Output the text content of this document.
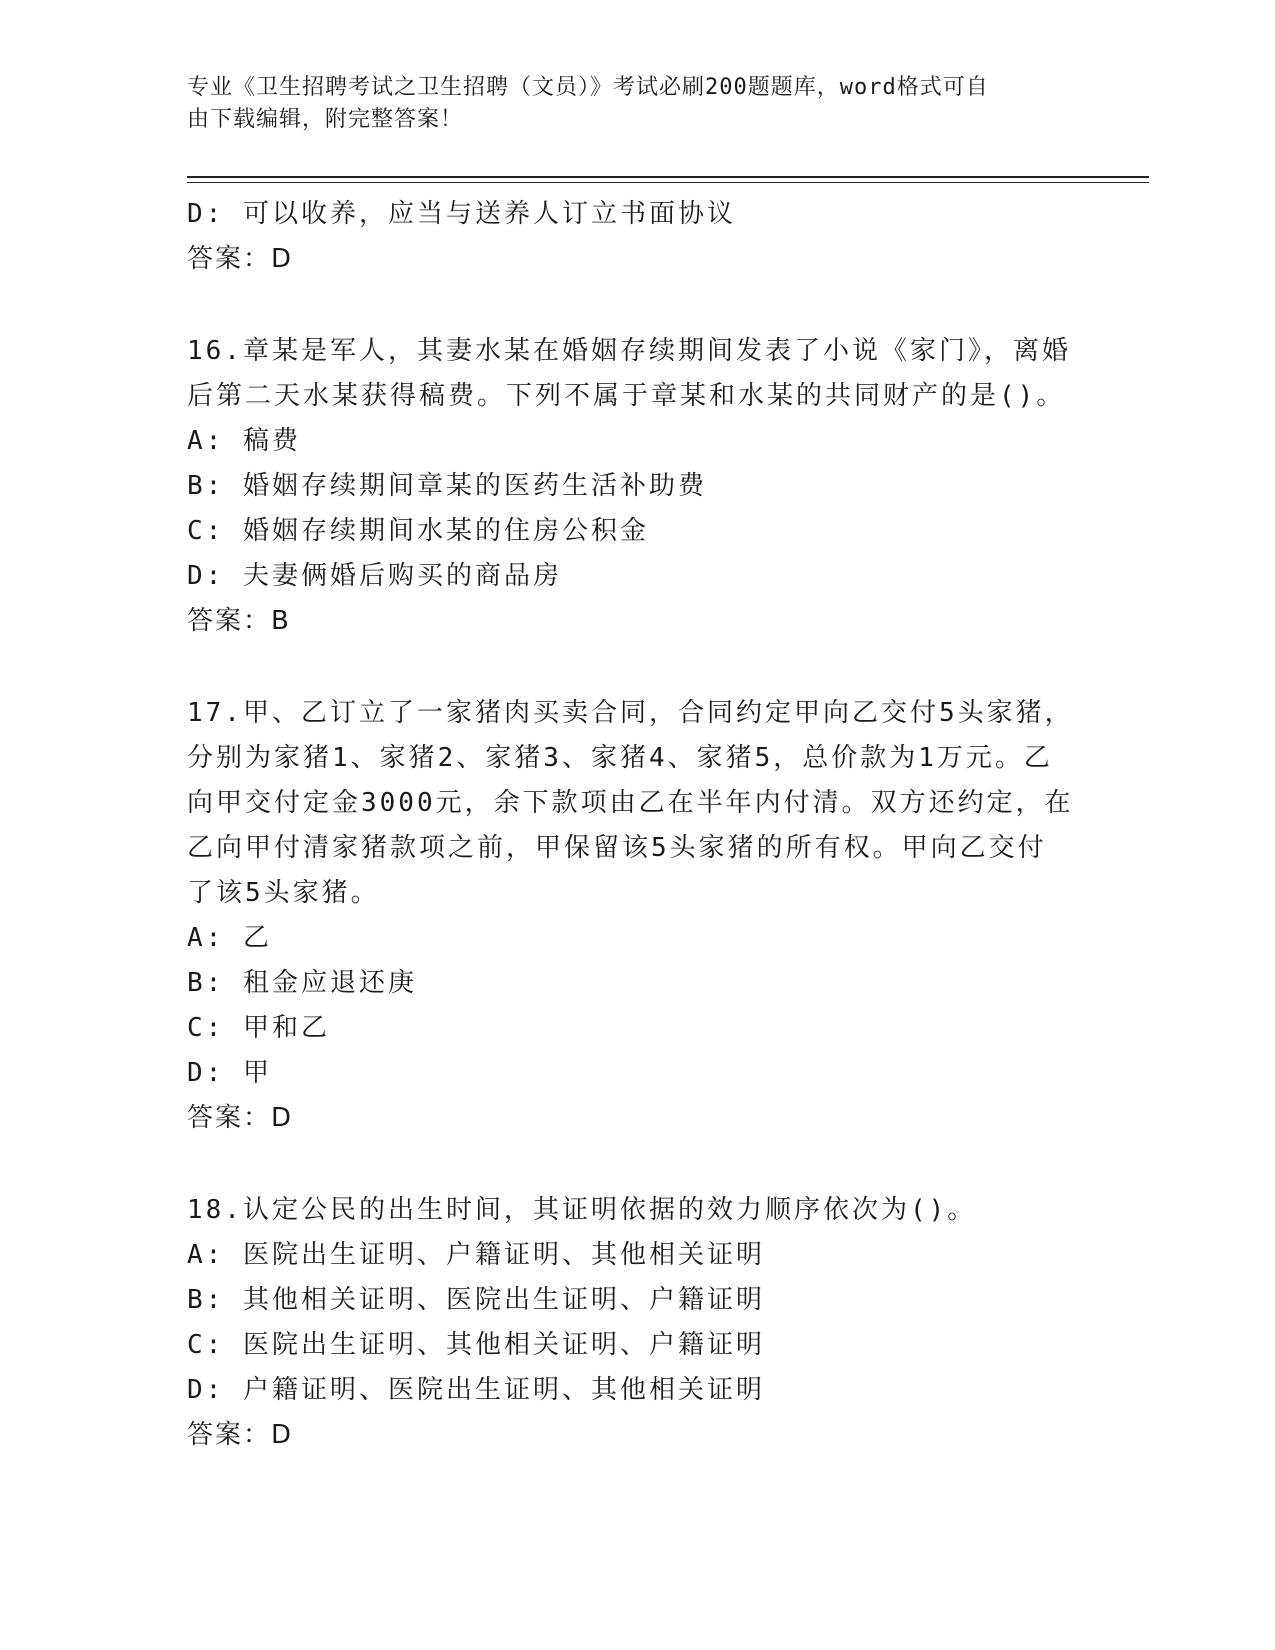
专业《卫生招聘考试之卫生招聘（文员）》考试必刷200题题库，word格式可自
由下载编辑，附完整答案！
D: 可以收养，应当与送养人订立书面协议
答案：D
16.章某是军人，其妻水某在婚姻存续期间发表了小说《家门》，离婚
后第二天水某获得稿费。下列不属于章某和水某的共同财产的是()。
A: 稿费
B: 婚姻存续期间章某的医药生活补助费
C: 婚姻存续期间水某的住房公积金
D: 夫妻俩婚后购买的商品房
答案：B
17.甲、乙订立了一家猪肉买卖合同，合同约定甲向乙交付5头家猪，
分别为家猪1、家猪2、家猪3、家猪4、家猪5，总价款为1万元。乙
向甲交付定金3000元，余下款项由乙在半年内付清。双方还约定，在
乙向甲付清家猪款项之前，甲保留该5头家猪的所有权。甲向乙交付
了该5头家猪。
A: 乙
B: 租金应退还庚
C: 甲和乙
D: 甲
答案：D
18.认定公民的出生时间，其证明依据的效力顺序依次为()。
A: 医院出生证明、户籍证明、其他相关证明
B: 其他相关证明、医院出生证明、户籍证明
C: 医院出生证明、其他相关证明、户籍证明
D: 户籍证明、医院出生证明、其他相关证明
答案：D
